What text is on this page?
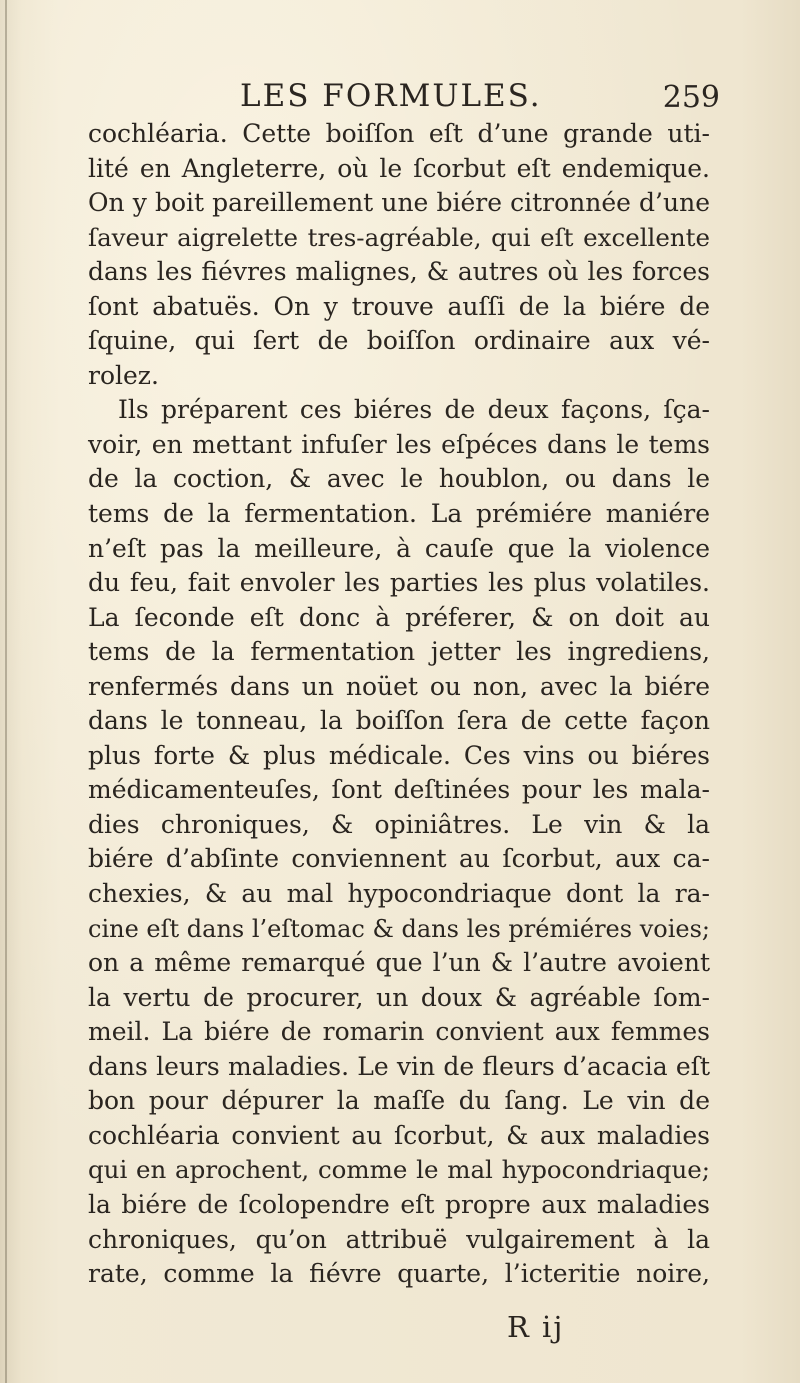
LES FORMULES.	259
cochléaria. Cette boiſſon eſt d’une grande uti-
lité en Angleterre, où le ſcorbut eſt endemique.
On y boit pareillement une biére citronnée d’une
ſaveur aigrelette tres-agréable, qui eſt excellente
dans les fiévres malignes, & autres où les forces
ſont abatuës. On y trouve auſſi de la biére de
ſquine, qui ſert de boiſſon ordinaire aux vé-
rolez.
Ils préparent ces biéres de deux façons, ſça-
voir, en mettant infuſer les eſpéces dans le tems
de la coction, & avec le houblon, ou dans le
tems de la fermentation. La prémiére maniére
n’eſt pas la meilleure, à cauſe que la violence
du feu, fait envoler les parties les plus volatiles.
La ſeconde eſt donc à préferer, & on doit au
tems de la fermentation jetter les ingrediens,
renfermés dans un noüet ou non, avec la biére
dans le tonneau, la boiſſon ſera de cette façon
plus forte & plus médicale. Ces vins ou biéres
médicamenteuſes, ſont deſtinées pour les mala-
dies chroniques, & opiniâtres. Le vin & la
biére d’abſinte conviennent au ſcorbut, aux ca-
chexies, & au mal hypocondriaque dont la ra-
cine eſt dans l’eſtomac & dans les prémiéres voies;
on a même remarqué que l’un & l’autre avoient
la vertu de procurer, un doux & agréable ſom-
meil. La biére de romarin convient aux femmes
dans leurs maladies. Le vin de fleurs d’acacia eſt
bon pour dépurer la maſſe du ſang. Le vin de
cochléaria convient au ſcorbut, & aux maladies
qui en aprochent, comme le mal hypocondriaque;
la biére de ſcolopendre eſt propre aux maladies
chroniques, qu’on attribuë vulgairement à la
rate, comme la fiévre quarte, l’icteritie noire,
R ij
